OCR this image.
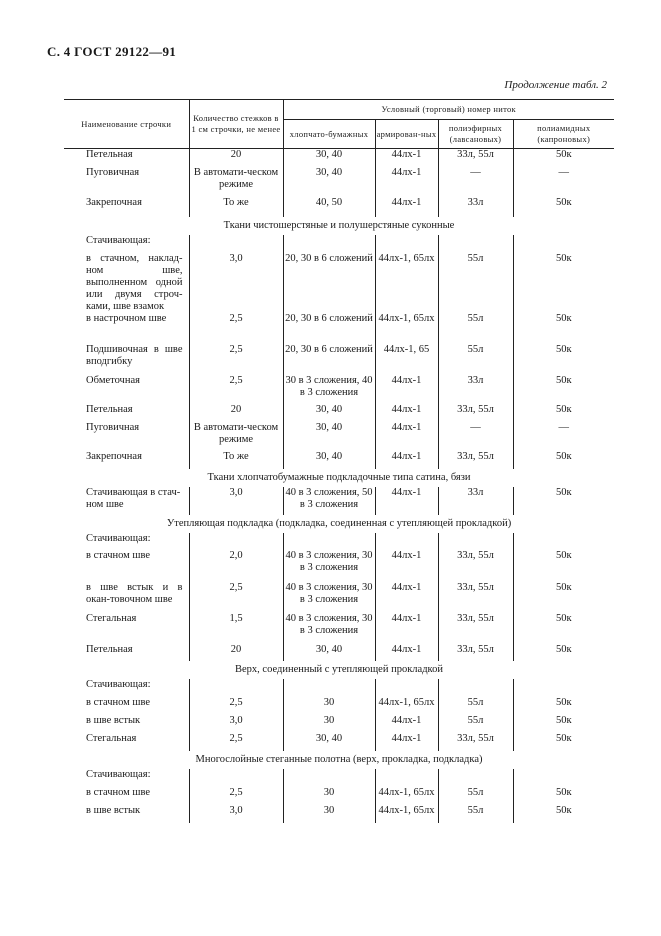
С. 4 ГОСТ 29122—91
Продолжение табл. 2
Наименование строчки	Количество стежков в 1 см строчки, не менее	Условный (торговый) номер ниток			
		хлопчато-бумажных	армирован-ных	полиэфирных (лавсановых)	полиамидных (капроновых)
Петельная	20	30, 40	44лх-1	33л, 55л	50к
Пуговичная	В автомати-ческом режиме	30, 40	44лх-1	—	—
Закрепочная	То же	40, 50	44лх-1	33л	50к
Ткани чистошерстяные и полушерстяные суконные					
Стачивающая:					
в стачном, наклад-ном шве, выполненном одной или двумя строч-ками, шве взамок	3,0	20, 30 в 6 сложений	44лх-1, 65лх	55л	50к
в настрочном шве	2,5	20, 30 в 6 сложений	44лх-1, 65лх	55л	50к
Подшивочная в шве вподгибку	2,5	20, 30 в 6 сложений	44лх-1, 65	55л	50к
Обметочная	2,5	30 в 3 сложения, 40 в 3 сложения	44лх-1	33л	50к
Петельная	20	30, 40	44лх-1	33л, 55л	50к
Пуговичная	В автомати-ческом режиме	30, 40	44лх-1	—	—
Закрепочная	То же	30, 40	44лх-1	33л, 55л	50к
Ткани хлопчатобумажные подкладочные типа сатина, бязи					
Стачивающая в стач-ном шве	3,0	40 в 3 сложения, 50 в 3 сложения	44лх-1	33л	50к
Утепляющая подкладка (подкладка, соединенная с утепляющей прокладкой)					
Стачивающая:					
в стачном шве	2,0	40 в 3 сложения, 30 в 3 сложения	44лх-1	33л, 55л	50к
в шве встык и в окан-товочном шве	2,5	40 в 3 сложения, 30 в 3 сложения	44лх-1	33л, 55л	50к
Стегальная	1,5	40 в 3 сложения, 30 в 3 сложения	44лх-1	33л, 55л	50к
Петельная	20	30, 40	44лх-1	33л, 55л	50к
Верх, соединенный с утепляющей прокладкой					
Стачивающая:					
в стачном шве	2,5	30	44лх-1, 65лх	55л	50к
в шве встык	3,0	30	44лх-1	55л	50к
Стегальная	2,5	30, 40	44лх-1	33л, 55л	50к
Многослойные стеганные полотна (верх, прокладка, подкладка)					
Стачивающая:					
в стачном шве	2,5	30	44лх-1, 65лх	55л	50к
в шве встык	3,0	30	44лх-1, 65лх	55л	50к
